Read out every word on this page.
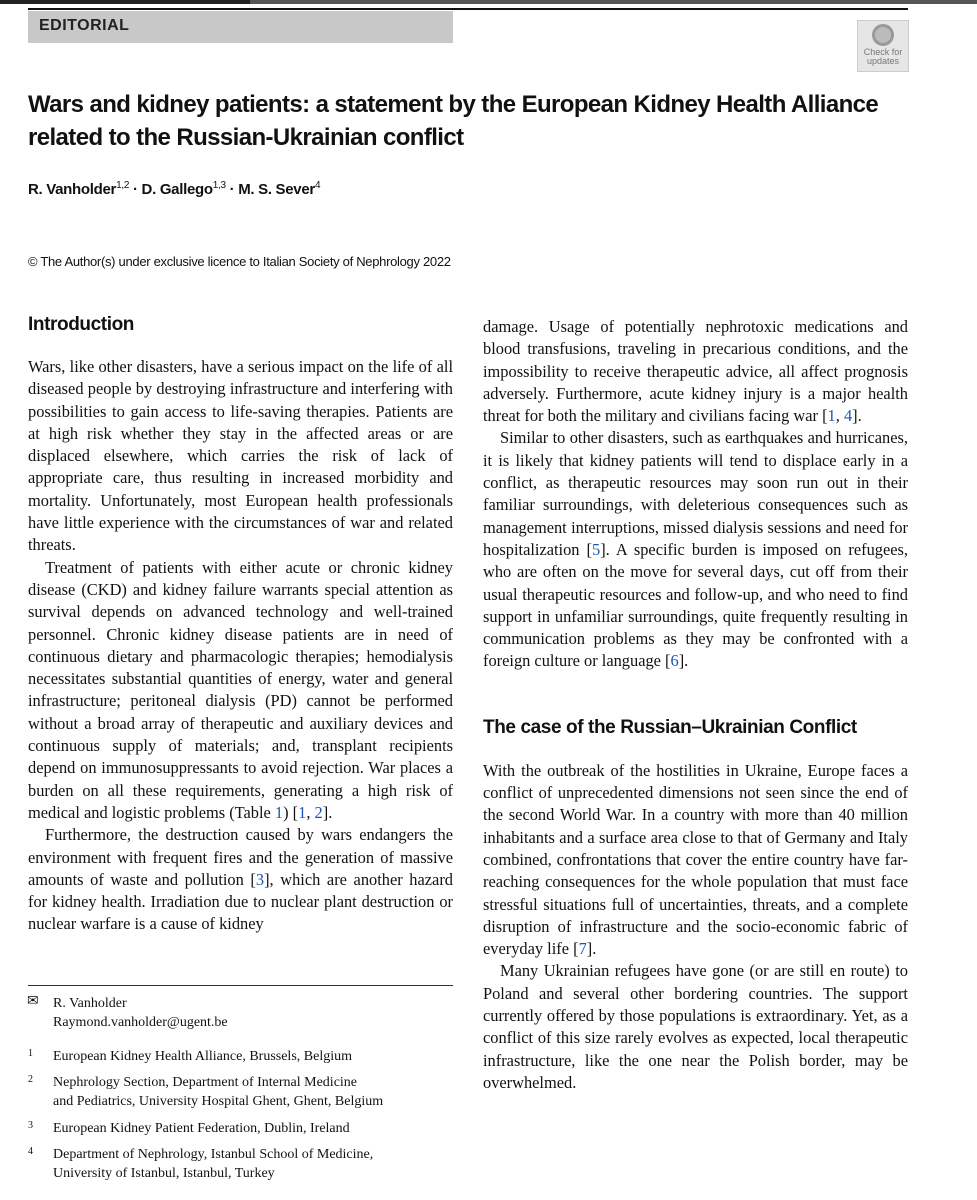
EDITORIAL
Check for
updates
Wars and kidney patients: a statement by the European Kidney Health Alliance related to the Russian-Ukrainian conflict
R. Vanholder$^{1,2}$ · D. Gallego$^{1,3}$ · M. S. Sever$^4$
© The Author(s) under exclusive licence to Italian Society of Nephrology 2022
Introduction

Wars, like other disasters, have a serious impact on the life of all diseased people by destroying infrastructure and interfering with possibilities to gain access to life-saving therapies. Patients are at high risk whether they stay in the affected areas or are displaced elsewhere, which carries the risk of lack of appropriate care, thus resulting in increased morbidity and mortality. Unfortunately, most European health professionals have little experience with the circumstances of war and related threats.

Treatment of patients with either acute or chronic kidney disease (CKD) and kidney failure warrants special attention as survival depends on advanced technology and well-trained personnel. Chronic kidney disease patients are in need of continuous dietary and pharmacologic therapies; hemodialysis necessitates substantial quantities of energy, water and general infrastructure; peritoneal dialysis (PD) cannot be performed without a broad array of therapeutic and auxiliary devices and continuous supply of materials; and, transplant recipients depend on immunosuppressants to avoid rejection. War places a burden on all these requirements, generating a high risk of medical and logistic problems (Table 1) [1, 2].

Furthermore, the destruction caused by wars endangers the environment with frequent fires and the generation of massive amounts of waste and pollution [3], which are another hazard for kidney health. Irradiation due to nuclear plant destruction or nuclear warfare is a cause of kidney

damage. Usage of potentially nephrotoxic medications and blood transfusions, traveling in precarious conditions, and the impossibility to receive therapeutic advice, all affect prognosis adversely. Furthermore, acute kidney injury is a major health threat for both the military and civilians facing war [1, 4].

Similar to other disasters, such as earthquakes and hurricanes, it is likely that kidney patients will tend to displace early in a conflict, as therapeutic resources may soon run out in their familiar surroundings, with deleterious consequences such as management interruptions, missed dialysis sessions and need for hospitalization [5]. A specific burden is imposed on refugees, who are often on the move for several days, cut off from their usual therapeutic resources and follow-up, and who need to find support in unfamiliar surroundings, quite frequently resulting in communication problems as they may be confronted with a foreign culture or language [6].

The case of the Russian–Ukrainian Conflict

With the outbreak of the hostilities in Ukraine, Europe faces a conflict of unprecedented dimensions not seen since the end of the second World War. In a country with more than 40 million inhabitants and a surface area close to that of Germany and Italy combined, confrontations that cover the entire country have far-reaching consequences for the whole population that must face stressful situations full of uncertainties, threats, and a complete disruption of infrastructure and the socio-economic fabric of everyday life [7].

Many Ukrainian refugees have gone (or are still en route) to Poland and several other bordering countries. The support currently offered by those populations is extraordinary. Yet, as a conflict of this size rarely evolves as expected, local therapeutic infrastructure, like the one near the Polish border, may be overwhelmed.

✉ R. Vanholder
Raymond.vanholder@ugent.be
1 European Kidney Health Alliance, Brussels, Belgium
2 Nephrology Section, Department of Internal Medicine
and Pediatrics, University Hospital Ghent, Ghent, Belgium
3 European Kidney Patient Federation, Dublin, Ireland
4 Department of Nephrology, Istanbul School of Medicine,
University of Istanbul, Istanbul, Turkey
